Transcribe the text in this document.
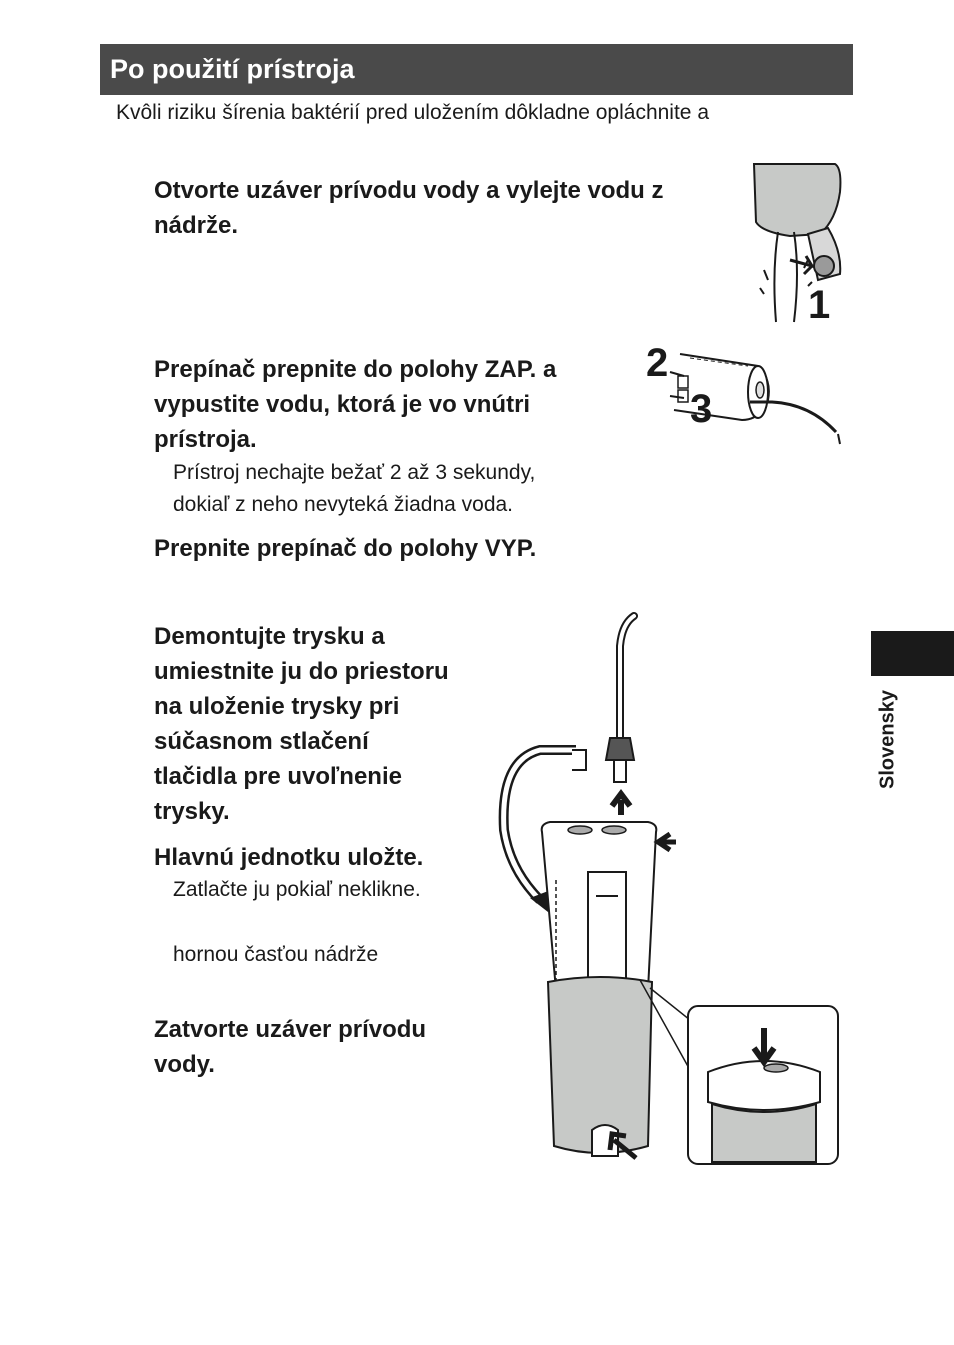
Po použití prístroja
Kvôli riziku šírenia baktérií pred uložením dôkladne opláchnite a
Otvorte uzáver prívodu vody a vylejte vodu z
nádrže.
1
Prepínač prepnite do polohy ZAP. a
vypustite vodu, ktorá je vo vnútri
prístroja.
Prístroj nechajte bežať 2 až 3 sekundy,
dokiaľ z neho nevyteká žiadna voda.
2
3
Prepnite prepínač do polohy VYP.
Demontujte trysku a
umiestnite ju do priestoru
na uloženie trysky pri
súčasnom stlačení
tlačidla pre uvoľnenie
trysky.
Hlavnú jednotku uložte.
Zatlačte ju pokiaľ neklikne.
hornou časťou nádrže
Zatvorte uzáver prívodu
vody.
Slovensky
